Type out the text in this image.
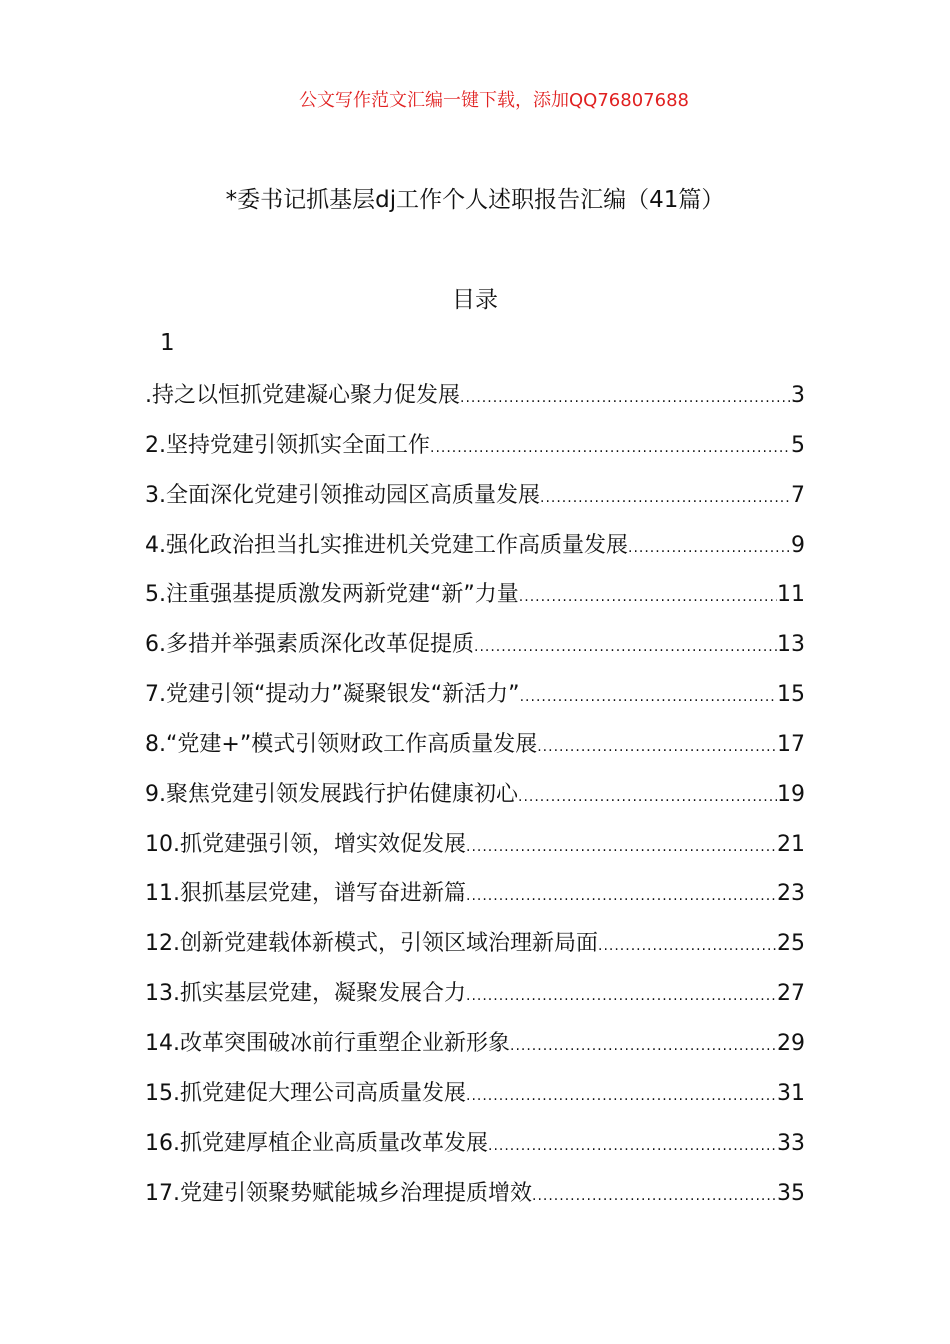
公文写作范文汇编一键下载，添加QQ76807688
*委书记抓基层dj工作个人述职报告汇编（41篇）
目录
1
.持之以恒抓党建凝心聚力促发展 .....	3
2.坚持党建引领抓实全面工作 .....	5
3.全面深化党建引领推动园区高质量发展 .....	7
4.强化政治担当扎实推进机关党建工作高质量发展 .....	9
5.注重强基提质激发两新党建“新”力量 .....	11
6.多措并举强素质深化改革促提质 .....	13
7.党建引领“提动力”凝聚银发“新活力” .....	15
8.“党建+”模式引领财政工作高质量发展 .....	17
9.聚焦党建引领发展践行护佑健康初心 .....	19
10.抓党建强引领，增实效促发展 .....	21
11.狠抓基层党建，谱写奋进新篇 .....	23
12.创新党建载体新模式，引领区域治理新局面 .....	25
13.抓实基层党建，凝聚发展合力 .....	27
14.改革突围破冰前行重塑企业新形象 .....	29
15.抓党建促大理公司高质量发展 .....	31
16.抓党建厚植企业高质量改革发展 .....	33
17.党建引领聚势赋能城乡治理提质增效 .....	35
